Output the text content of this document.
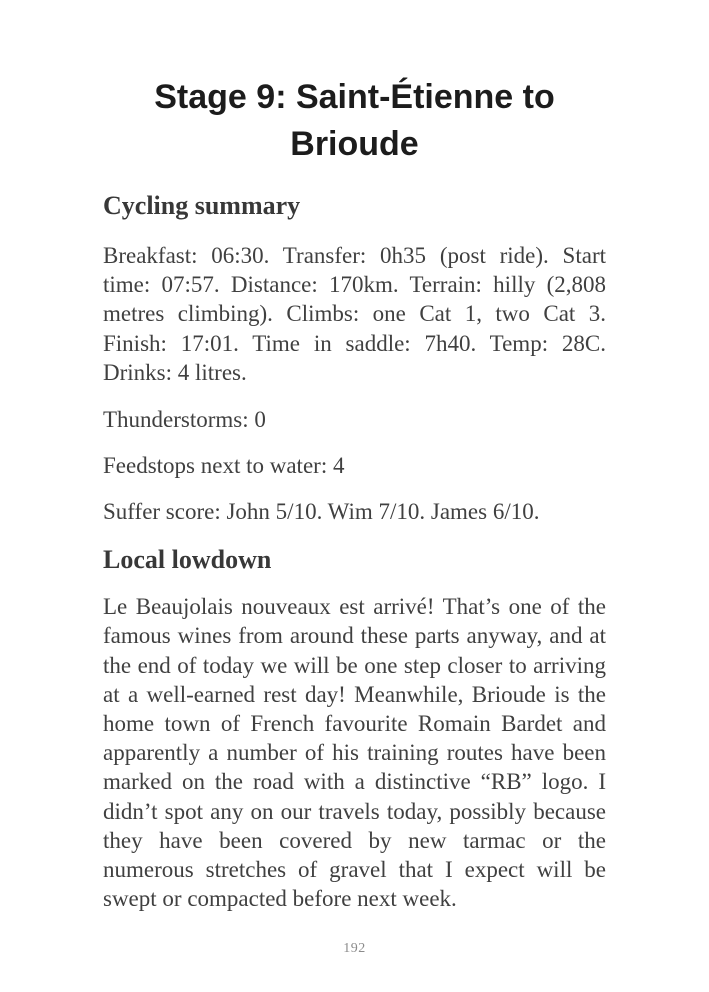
Stage 9: Saint-Étienne to
Brioude
Cycling summary

Breakfast: 06:30. Transfer: 0h35 (post ride). Start
time: 07:57. Distance: 170km. Terrain: hilly (2,808
metres climbing). Climbs: one Cat 1, two Cat 3.
Finish: 17:01. Time in saddle: 7h40. Temp: 28C.
Drinks: 4 litres.

Thunderstorms: 0

Feedstops next to water: 4

Suffer score: John 5/10. Wim 7/10. James 6/10.

Local lowdown

Le Beaujolais nouveaux est arrivé! That’s one of the
famous wines from around these parts anyway, and at
the end of today we will be one step closer to arriving
at a well-earned rest day! Meanwhile, Brioude is the
home town of French favourite Romain Bardet and
apparently a number of his training routes have been
marked on the road with a distinctive “RB” logo. I
didn’t spot any on our travels today, possibly because
they have been covered by new tarmac or the
numerous stretches of gravel that I expect will be
swept or compacted before next week.

192
